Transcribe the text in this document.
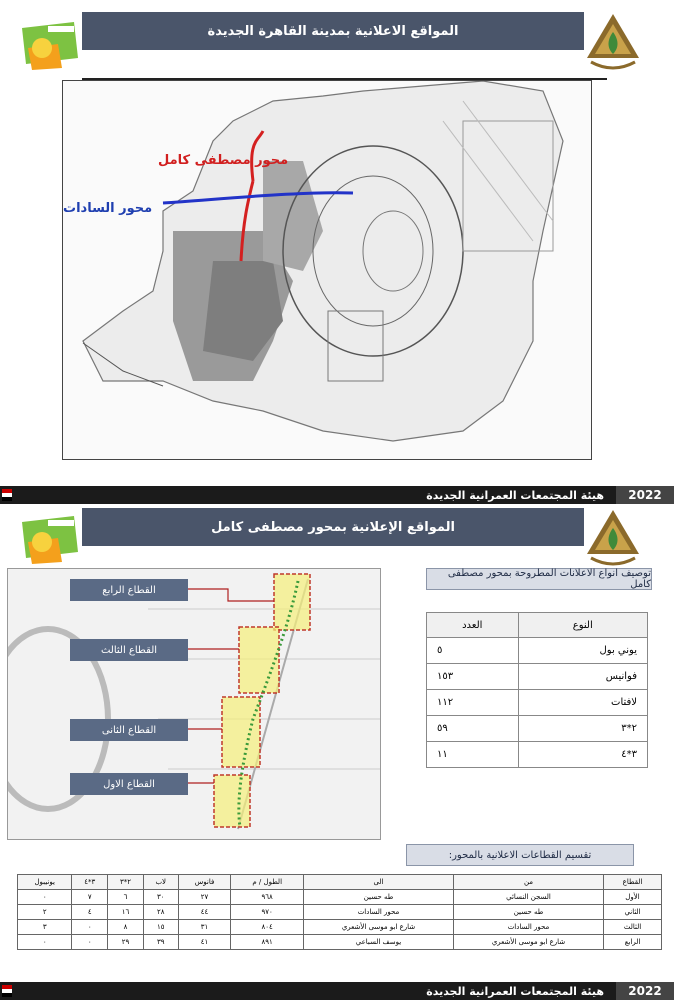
المواقع الاعلانية بمدينة القاهرة الجديدة
محور مصطفى كامل
محور السادات
هيئة المجتمعات العمرانية الجديدة	2022
المواقع الإعلانية بمحور مصطفى كامل
القطاع الرابع
القطاع الثالث
القطاع الثانى
القطاع الاول
توصيف انواع الاعلانات المطروحة بمحور مصطفى كامل
النوع	العدد
يوني بول	٥
فوانيس	١٥٣
لافتات	١١٢
٢*٣	٥٩
٣*٤	١١
تقسيم القطاعات الاعلانية بالمحور:
القطاع	من	الى	الطول / م	فانوس	لاب	٢*٣	٣*٤	يونيبول
الأول	السجن النسائي	طه حسين	٩٦٨	٢٧	٣٠	٦	٧	٠
الثاني	طه حسين	محور السادات	٩٧٠	٤٤	٢٨	١٦	٤	٢
الثالث	محور السادات	شارع ابو موسى الأشعري	٨٠٤	٣١	١٥	٨	٠	٣
الرابع	شارع ابو موسى الأشعري	يوسف السباعي	٨٩١	٤١	٣٩	٢٩	٠	٠
هيئة المجتمعات العمرانية الجديدة	2022
